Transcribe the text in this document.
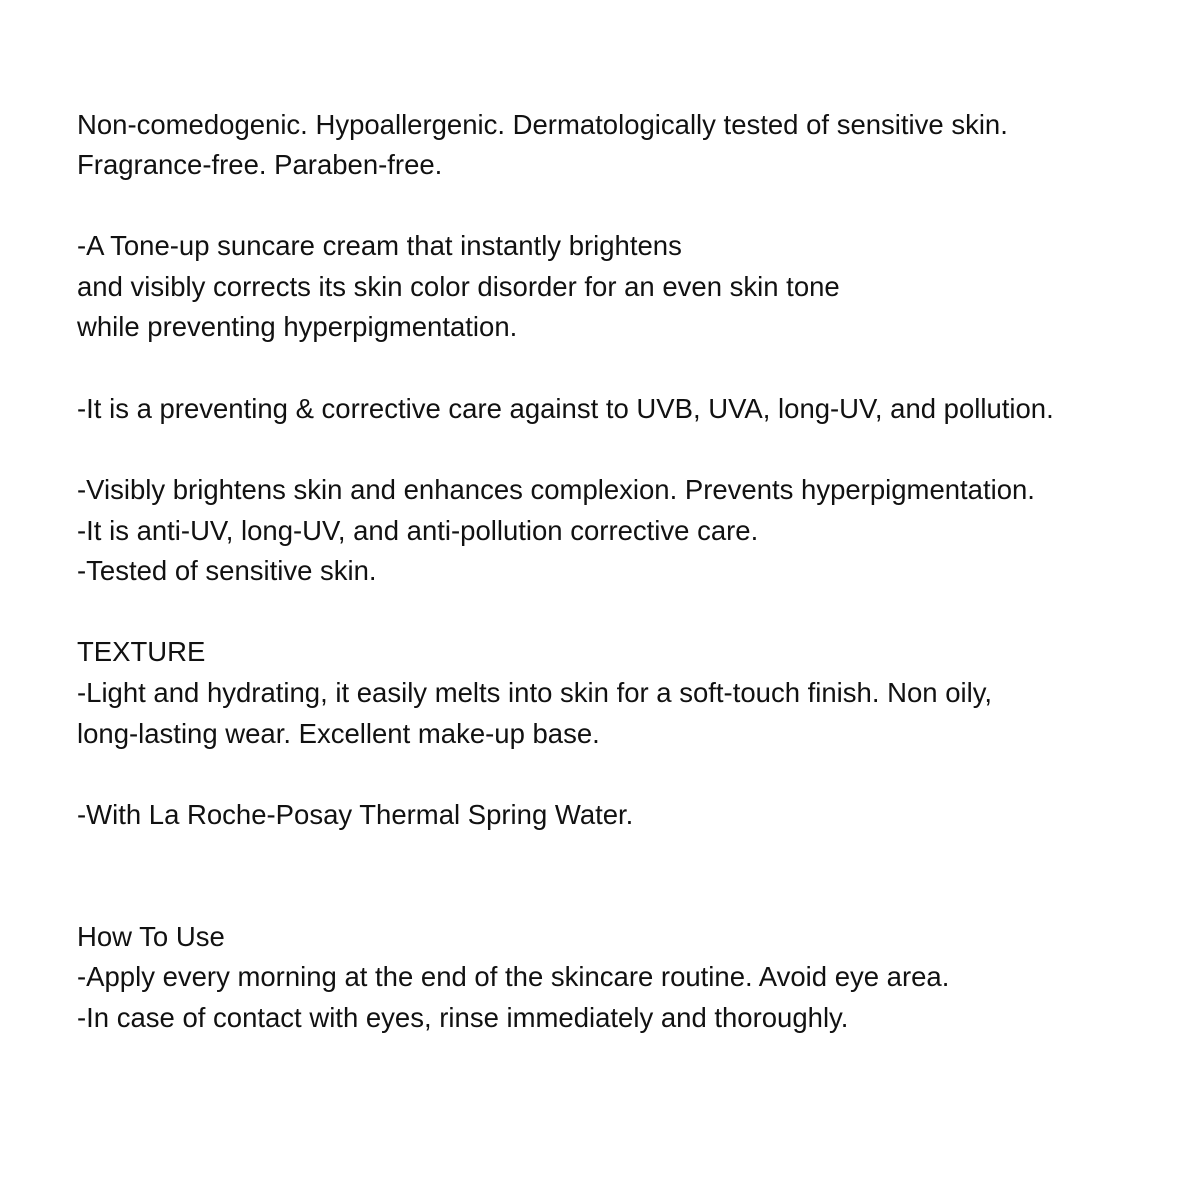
Non-comedogenic. Hypoallergenic. Dermatologically tested of sensitive skin.

Fragrance-free. Paraben-free.

-A Tone-up suncare cream that instantly brightens

and visibly corrects its skin color disorder for an even skin tone

while preventing hyperpigmentation.

-It is a preventing & corrective care against to UVB, UVA, long-UV, and pollution.

-Visibly brightens skin and enhances complexion. Prevents hyperpigmentation.

-It is anti-UV, long-UV, and anti-pollution corrective care.

-Tested of sensitive skin.

TEXTURE

-Light and hydrating, it easily melts into skin for a soft-touch finish. Non oily,

long-lasting wear. Excellent make-up base.

-With La Roche-Posay Thermal Spring Water.

How To Use

-Apply every morning at the end of the skincare routine. Avoid eye area.

-In case of contact with eyes, rinse immediately and thoroughly.
